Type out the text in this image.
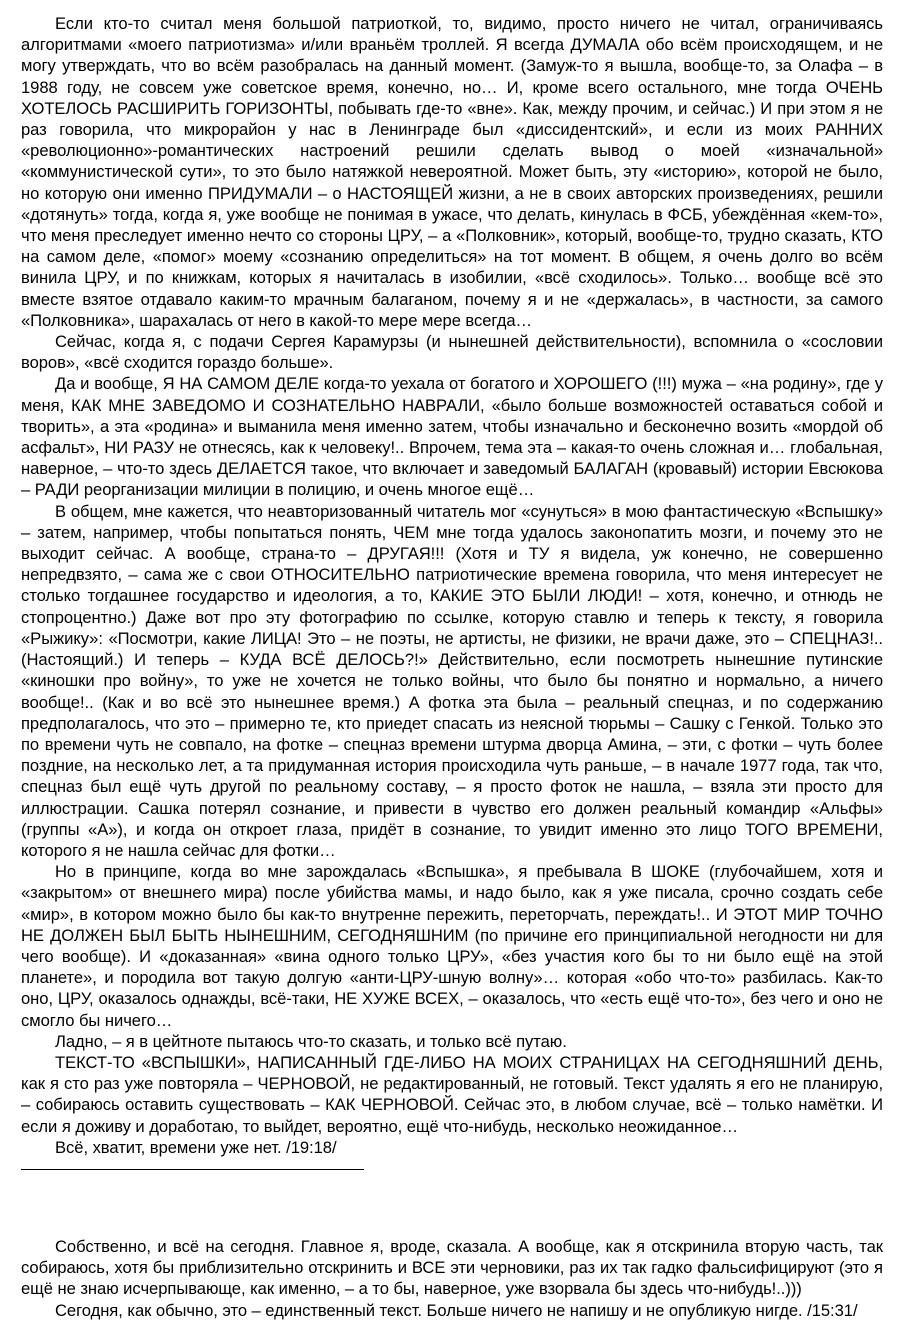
Если кто-то считал меня большой патриоткой, то, видимо, просто ничего не читал, ограничиваясь алгоритмами «моего патриотизма» и/или враньём троллей. Я всегда ДУМАЛА обо всём происходящем, и не могу утверждать, что во всём разобралась на данный момент. (Замуж-то я вышла, вообще-то, за Олафа – в 1988 году, не совсем уже советское время, конечно, но… И, кроме всего остального, мне тогда ОЧЕНЬ ХОТЕЛОСЬ РАСШИРИТЬ ГОРИЗОНТЫ, побывать где-то «вне». Как, между прочим, и сейчас.) И при этом я не раз говорила, что микрорайон у нас в Ленинграде был «диссидентский», и если из моих РАННИХ «революционно»-романтических настроений решили сделать вывод о моей «изначальной» «коммунистической сути», то это было натяжкой невероятной. Может быть, эту «историю», которой не было, но которую они именно ПРИДУМАЛИ – о НАСТОЯЩЕЙ жизни, а не в своих авторских произведениях, решили «дотянуть» тогда, когда я, уже вообще не понимая в ужасе, что делать, кинулась в ФСБ, убеждённая «кем-то», что меня преследует именно нечто со стороны ЦРУ, – а «Полковник», который, вообще-то, трудно сказать, КТО на самом деле, «помог» моему «сознанию определиться» на тот момент. В общем, я очень долго во всём винила ЦРУ, и по книжкам, которых я начиталась в изобилии, «всё сходилось». Только… вообще всё это вместе взятое отдавало каким-то мрачным балаганом, почему я и не «держалась», в частности, за самого «Полковника», шарахалась от него в какой-то мере мере всегда…

Сейчас, когда я, с подачи Сергея Карамурзы (и нынешней действительности), вспомнила о «сословии воров», «всё сходится гораздо больше».

Да и вообще, Я НА САМОМ ДЕЛЕ когда-то уехала от богатого и ХОРОШЕГО (!!!) мужа – «на родину», где у меня, КАК МНЕ ЗАВЕДОМО И СОЗНАТЕЛЬНО НАВРАЛИ, «было больше возможностей оставаться собой и творить», а эта «родина» и выманила меня именно затем, чтобы изначально и бесконечно возить «мордой об асфальт», НИ РАЗУ не отнесясь, как к человеку!.. Впрочем, тема эта – какая-то очень сложная и… глобальная, наверное, – что-то здесь ДЕЛАЕТСЯ такое, что включает и заведомый БАЛАГАН (кровавый) истории Евсюкова – РАДИ реорганизации милиции в полицию, и очень многое ещё…

В общем, мне кажется, что неавторизованный читатель мог «сунуться» в мою фантастическую «Вспышку» – затем, например, чтобы попытаться понять, ЧЕМ мне тогда удалось законопатить мозги, и почему это не выходит сейчас. А вообще, страна-то – ДРУГАЯ!!! (Хотя и ТУ я видела, уж конечно, не совершенно непредвзято, – сама же с свои ОТНОСИТЕЛЬНО патриотические времена говорила, что меня интересует не столько тогдашнее государство и идеология, а то, КАКИЕ ЭТО БЫЛИ ЛЮДИ! – хотя, конечно, и отнюдь не стопроцентно.) Даже вот про эту фотографию по ссылке, которую ставлю и теперь к тексту, я говорила «Рыжику»: «Посмотри, какие ЛИЦА! Это – не поэты, не артисты, не физики, не врачи даже, это – СПЕЦНАЗ!.. (Настоящий.) И теперь – КУДА ВСЁ ДЕЛОСЬ?!» Действительно, если посмотреть нынешние путинские «киношки про войну», то уже не хочется не только войны, что было бы понятно и нормально, а ничего вообще!.. (Как и во всё это нынешнее время.) А фотка эта была – реальный спецназ, и по содержанию предполагалось, что это – примерно те, кто приедет спасать из неясной тюрьмы – Сашку с Генкой. Только это по времени чуть не совпало, на фотке – спецназ времени штурма дворца Амина, – эти, с фотки – чуть более поздние, на несколько лет, а та придуманная история происходила чуть раньше, – в начале 1977 года, так что, спецназ был ещё чуть другой по реальному составу, – я просто фоток не нашла, – взяла эти просто для иллюстрации. Сашка потерял сознание, и привести в чувство его должен реальный командир «Альфы» (группы «А»), и когда он откроет глаза, придёт в сознание, то увидит именно это лицо ТОГО ВРЕМЕНИ, которого я не нашла сейчас для фотки…

Но в принципе, когда во мне зарождалась «Вспышка», я пребывала В ШОКЕ (глубочайшем, хотя и «закрытом» от внешнего мира) после убийства мамы, и надо было, как я уже писала, срочно создать себе «мир», в котором можно было бы как-то внутренне пережить, переторчать, переждать!.. И ЭТОТ МИР ТОЧНО НЕ ДОЛЖЕН БЫЛ БЫТЬ НЫНЕШНИМ, СЕГОДНЯШНИМ (по причине его принципиальной негодности ни для чего вообще). И «доказанная» «вина одного только ЦРУ», «без участия кого бы то ни было ещё на этой планете», и породила вот такую долгую «анти-ЦРУ-шную волну»… которая «обо что-то» разбилась. Как-то оно, ЦРУ, оказалось однажды, всё-таки, НЕ ХУЖЕ ВСЕХ, – оказалось, что «есть ещё что-то», без чего и оно не смогло бы ничего…

Ладно, – я в цейтноте пытаюсь что-то сказать, и только всё путаю.

ТЕКСТ-ТО «ВСПЫШКИ», НАПИСАННЫЙ ГДЕ-ЛИБО НА МОИХ СТРАНИЦАХ НА СЕГОДНЯШНИЙ ДЕНЬ, как я сто раз уже повторяла – ЧЕРНОВОЙ, не редактированный, не готовый. Текст удалять я его не планирую, – собираюсь оставить существовать – КАК ЧЕРНОВОЙ. Сейчас это, в любом случае, всё – только намётки. И если я доживу и доработаю, то выйдет, вероятно, ещё что-нибудь, несколько неожиданное…

Всё, хватит, времени уже нет. /19:18/

Собственно, и всё на сегодня. Главное я, вроде, сказала. А вообще, как я отскринила вторую часть, так собираюсь, хотя бы приблизительно отскринить и ВСЕ эти черновики, раз их так гадко фальсифицируют (это я ещё не знаю исчерпывающе, как именно, – а то бы, наверное, уже взорвала бы здесь что-нибудь!..)))

Сегодня, как обычно, это – единственный текст. Больше ничего не напишу и не опубликую нигде. /15:31/
